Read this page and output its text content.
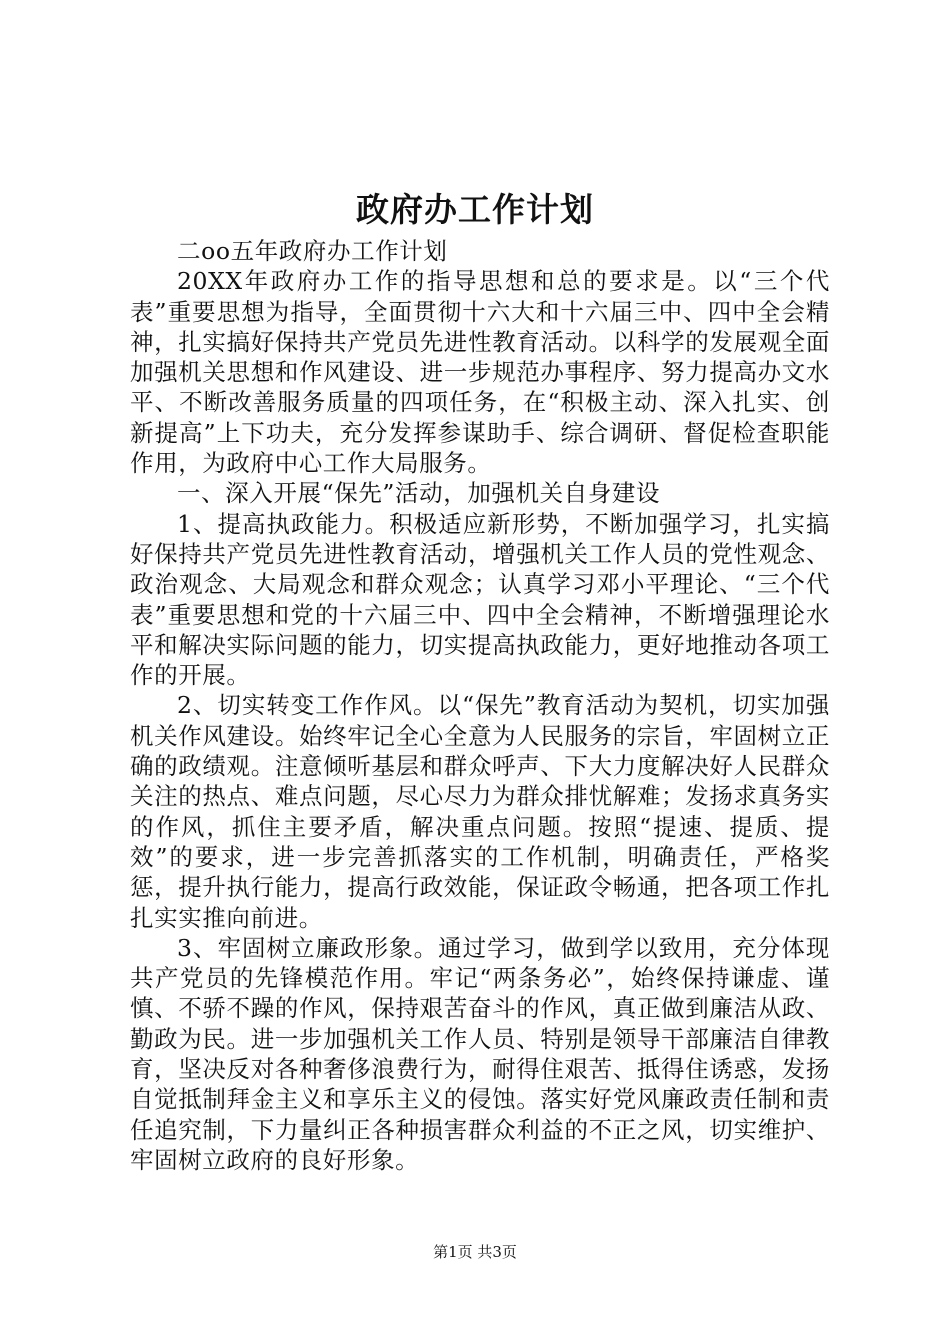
政府办工作计划

二oo五年政府办工作计划

20XX年政府办工作的指导思想和总的要求是。以“三个代表”重要思想为指导，全面贯彻十六大和十六届三中、四中全会精神，扎实搞好保持共产党员先进性教育活动。以科学的发展观全面加强机关思想和作风建设、进一步规范办事程序、努力提高办文水平、不断改善服务质量的四项任务，在“积极主动、深入扎实、创新提高”上下功夫，充分发挥参谋助手、综合调研、督促检查职能作用，为政府中心工作大局服务。

一、深入开展“保先”活动，加强机关自身建设

1、提高执政能力。积极适应新形势，不断加强学习，扎实搞好保持共产党员先进性教育活动，增强机关工作人员的党性观念、政治观念、大局观念和群众观念；认真学习邓小平理论、“三个代表”重要思想和党的十六届三中、四中全会精神，不断增强理论水平和解决实际问题的能力，切实提高执政能力，更好地推动各项工作的开展。

2、切实转变工作作风。以“保先”教育活动为契机，切实加强机关作风建设。始终牢记全心全意为人民服务的宗旨，牢固树立正确的政绩观。注意倾听基层和群众呼声、下大力度解决好人民群众关注的热点、难点问题，尽心尽力为群众排忧解难；发扬求真务实的作风，抓住主要矛盾，解决重点问题。按照“提速、提质、提效”的要求，进一步完善抓落实的工作机制，明确责任，严格奖惩，提升执行能力，提高行政效能，保证政令畅通，把各项工作扎扎实实推向前进。

3、牢固树立廉政形象。通过学习，做到学以致用，充分体现共产党员的先锋模范作用。牢记“两条务必”，始终保持谦虚、谨慎、不骄不躁的作风，保持艰苦奋斗的作风，真正做到廉洁从政、勤政为民。进一步加强机关工作人员、特别是领导干部廉洁自律教育，坚决反对各种奢侈浪费行为，耐得住艰苦、抵得住诱惑，发扬自觉抵制拜金主义和享乐主义的侵蚀。落实好党风廉政责任制和责任追究制，下力量纠正各种损害群众利益的不正之风，切实维护、牢固树立政府的良好形象。

第1页 共3页
